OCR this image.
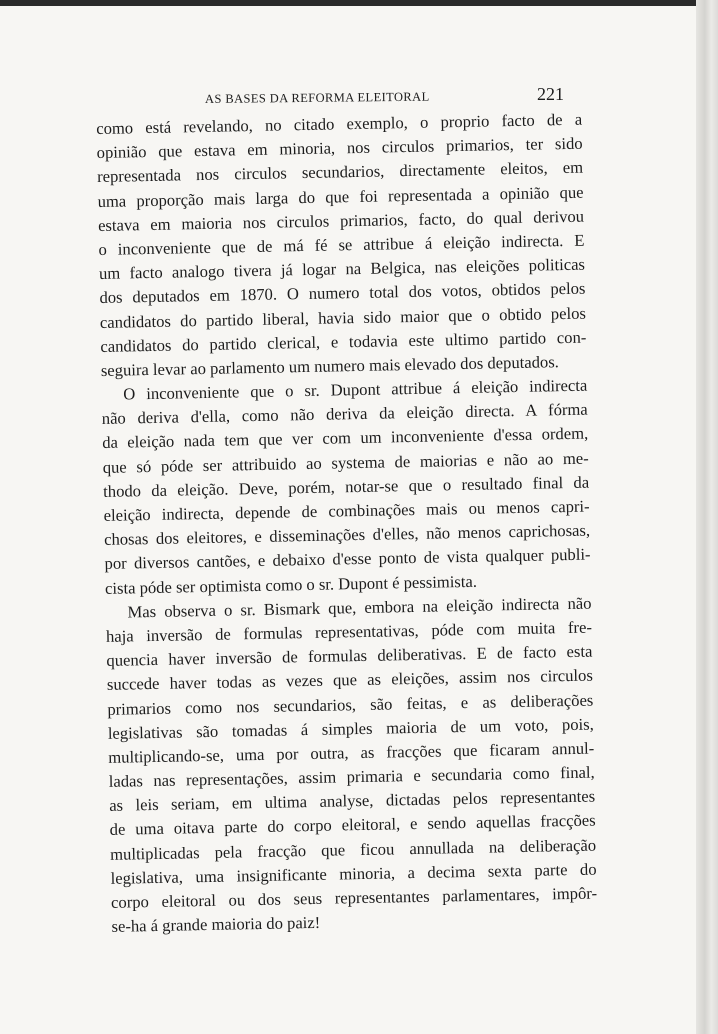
AS BASES DA REFORMA ELEITORAL	221
como está revelando, no citado exemplo, o proprio facto de a
opinião que estava em minoria, nos circulos primarios, ter sido
representada nos circulos secundarios, directamente eleitos, em
uma proporção mais larga do que foi representada a opinião que
estava em maioria nos circulos primarios, facto, do qual derivou
o inconveniente que de má fé se attribue á eleição indirecta. E
um facto analogo tivera já logar na Belgica, nas eleições politicas
dos deputados em 1870. O numero total dos votos, obtidos pelos
candidatos do partido liberal, havia sido maior que o obtido pelos
candidatos do partido clerical, e todavia este ultimo partido con-
seguira levar ao parlamento um numero mais elevado dos deputados.
O inconveniente que o sr. Dupont attribue á eleição indirecta
não deriva d'ella, como não deriva da eleição directa. A fórma
da eleição nada tem que ver com um inconveniente d'essa ordem,
que só póde ser attribuido ao systema de maiorias e não ao me-
thodo da eleição. Deve, porém, notar-se que o resultado final da
eleição indirecta, depende de combinações mais ou menos capri-
chosas dos eleitores, e disseminações d'elles, não menos caprichosas,
por diversos cantões, e debaixo d'esse ponto de vista qualquer publi-
cista póde ser optimista como o sr. Dupont é pessimista.
Mas observa o sr. Bismark que, embora na eleição indirecta não
haja inversão de formulas representativas, póde com muita fre-
quencia haver inversão de formulas deliberativas. E de facto esta
succede haver todas as vezes que as eleições, assim nos circulos
primarios como nos secundarios, são feitas, e as deliberações
legislativas são tomadas á simples maioria de um voto, pois,
multiplicando-se, uma por outra, as fracções que ficaram annul-
ladas nas representações, assim primaria e secundaria como final,
as leis seriam, em ultima analyse, dictadas pelos representantes
de uma oitava parte do corpo eleitoral, e sendo aquellas fracções
multiplicadas pela fracção que ficou annullada na deliberação
legislativa, uma insignificante minoria, a decima sexta parte do
corpo eleitoral ou dos seus representantes parlamentares, impôr-
se-ha á grande maioria do paiz!
